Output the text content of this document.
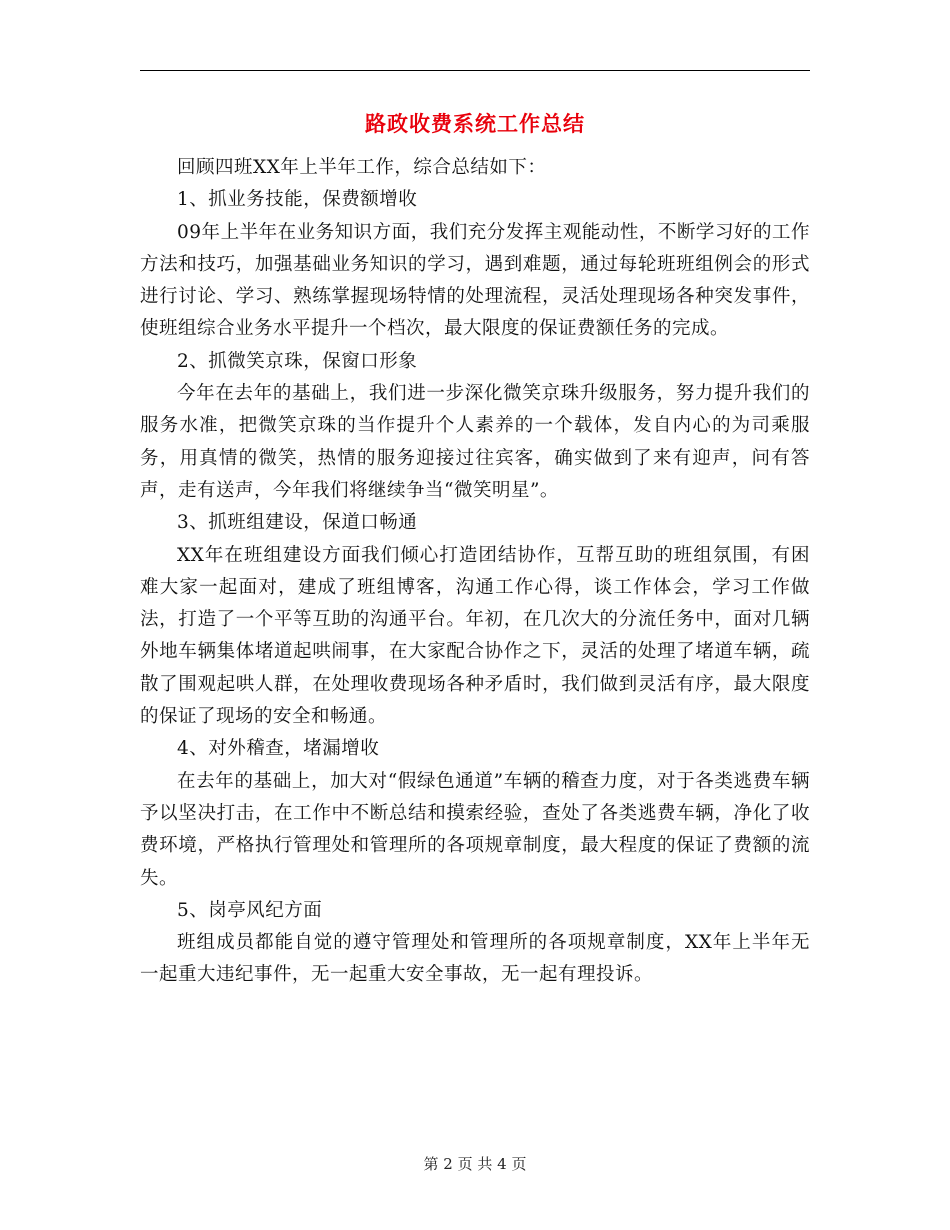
路政收费系统工作总结

回顾四班XX年上半年工作，综合总结如下：

1、抓业务技能，保费额增收

09年上半年在业务知识方面，我们充分发挥主观能动性，不断学习好的工作方法和技巧，加强基础业务知识的学习，遇到难题，通过每轮班班组例会的形式进行讨论、学习、熟练掌握现场特情的处理流程，灵活处理现场各种突发事件，使班组综合业务水平提升一个档次，最大限度的保证费额任务的完成。

2、抓微笑京珠，保窗口形象

今年在去年的基础上，我们进一步深化微笑京珠升级服务，努力提升我们的服务水准，把微笑京珠的当作提升个人素养的一个载体，发自内心的为司乘服务，用真情的微笑，热情的服务迎接过往宾客，确实做到了来有迎声，问有答声，走有送声，今年我们将继续争当“微笑明星”。

3、抓班组建设，保道口畅通

XX年在班组建设方面我们倾心打造团结协作，互帮互助的班组氛围，有困难大家一起面对，建成了班组博客，沟通工作心得，谈工作体会，学习工作做法，打造了一个平等互助的沟通平台。年初，在几次大的分流任务中，面对几辆外地车辆集体堵道起哄闹事，在大家配合协作之下，灵活的处理了堵道车辆，疏散了围观起哄人群，在处理收费现场各种矛盾时，我们做到灵活有序，最大限度的保证了现场的安全和畅通。

4、对外稽查，堵漏增收

在去年的基础上，加大对“假绿色通道”车辆的稽查力度，对于各类逃费车辆予以坚决打击，在工作中不断总结和摸索经验，查处了各类逃费车辆，净化了收费环境，严格执行管理处和管理所的各项规章制度，最大程度的保证了费额的流失。

5、岗亭风纪方面

班组成员都能自觉的遵守管理处和管理所的各项规章制度，XX年上半年无一起重大违纪事件，无一起重大安全事故，无一起有理投诉。

第 2 页 共 4 页
